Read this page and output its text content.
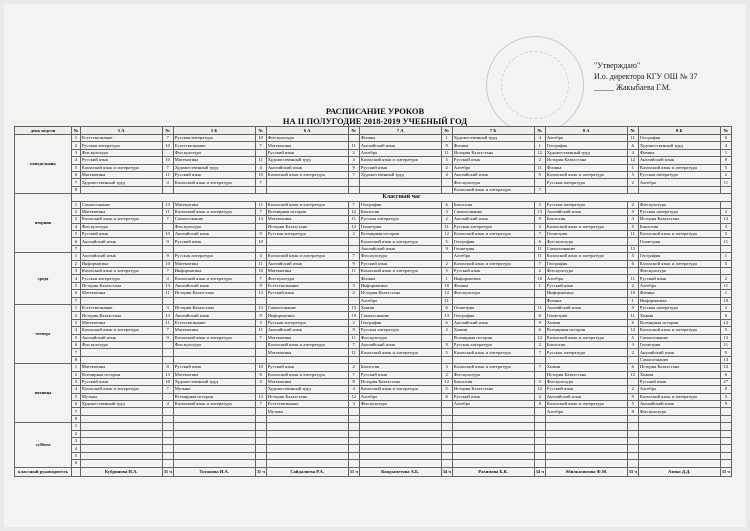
"Утверждаю"
И.о. директора КГУ ОШ № 37
_____ Жакыбаева Г.М.
РАСПИСАНИЕ УРОКОВ
НА II ПОЛУГОДИЕ 2018-2019 УЧЕБНЫЙ ГОД
день недели	№	5 А	№	5 Б	№	6 А	№	7 А	№	7 Б	№	8 А	№	8 Б	№
понедельник	1	Естествознание	7	Русская литература	10	Физ.культура		Физика	1	Художественный труд	4	Алгебра	11	География	6
	2	Русская литература	10	Естествознание	7	Математика	11	Английский язык	9	Физика	1	География	6	Художественный труд	4
	3	Физ.культура		Физ.культура		Русский язык	2	Алгебра	11	История Казахстана	12	Художественный труд	4	Физика	1
	4	Русский язык	10	Математика	11	Художественный труд	4	Казахский язык и литература	5	Русский язык	2	История Казахстана	12	Английский язык	9
	5	Казахский язык и литература	7	Художественный труд	4	Английский язык	9	Русский язык	2	Алгебра	11	Физика	1	Казахский язык и литература	5
	6	Математика	11	Русский язык	10	Казахский язык и литература	7	Художественный труд	4	Английский язык	9	Казахский язык и литература	5	Русская литература	2
	7	Художественный труд	4	Казахский язык и литература	7					Физ.культура		Русская литература	2	Алгебра	11
	8									Казахский язык и литература	7				
вторник	Классный час														
	1	Самопознание	13	Математика	11	Казахский язык и литература	7	География	6	Биология	3	Русская литература	2	Физ.культура	
	2	Математика	11	Казахский язык и литература	7	Всемирная история	12	Биология	3	Самопознание	13	Английский язык	9	Русская литература	2
	3	Казахский язык и литература	7	Самопознание	13	Математика	11	Русская литература	2	Английский язык	9	Биология	3	История Казахстана	12
	4	Физ.культура		Физ.культура		История Казахстана	12	Геометрия	11	Русская литература	2	Казахский язык и литература	5	Биология	3
	5	Русский язык	10	Английский язык	9	Русская литература	2	Всемирная история	12	Казахский язык и литература	7	Геометрия	11	Казахский язык и литература	5
	6	Английский язык	9	Русский язык	10			Казахский язык и литература	5	География	6	Физ.культура		Геометрия	11
	7							Английский язык	9	Геометрия	11	Самопознание	13		
среда	1	Английский язык	9	Русская литература	4	Казахский язык и литература	7	Физ.культура		Алгебра	11	Казахский язык и литература	5	География	1
	2	Информатика	10	Математика	11	Английский язык	9	Русский язык	2	Казахский язык и литература	7	География	6	Казахский язык и литература	5
	3	Казахский язык и литература	7	Информатика	10	Математика	11	Казахский язык и литература	5	Русский язык	2	Физ.культура		Физ.культура	
	4	Русская литература	4	Казахский язык и литература	7	Физ.культура		Физика	1	Информатика	10	Алгебра	11	Русский язык	2
	5	История Казахстана	13	Английский язык	9	Естествознание	3	Информатика	10	Физика	1	Русский язык	2	Алгебра	11
	6	Математика	11	История Казахстана	13	Русский язык	2	История Казахстана	12	Физ.культура		Информатика	10	Физика	1
	7							Алгебра	11			Физика	1	Информатика	10
четверг	1	Естествознание	3	История Казахстана	13	Самопознание	13	Химия	6	Геометрия	11	Английский язык	9	Русская литература	2
	2	История Казахстана	13	Английский язык	9	Информатика	10	Самопознание	13	География	6	Геометрия	11	Химия	6
	3	Математика	11	Естествознание	3	Русская литература	2	География	6	Английский язык	9	Химия	6	Всемирная история	12
	4	Казахский язык и литература	7	Математика	11	Английский язык	9	Русская литература	2	Химия	6	Всемирная история	12	Казахский язык и литература	5
	5	Английский язык	9	Казахский язык и литература	7	Математика	11	Физ.культура		Всемирная история	12	Казахский язык и литература	5	Самопознание	13
	6	Физ.культура		Физ.культура		Казахский язык и литература	7	Английский язык	9	Русская литература	2	Биология	3	Геометрия	11
	7					Математика	11	Казахский язык и литература	5	Казахский язык и литература	7	Русская литература	2	Английский язык	9
	8													Самопознание	13
пятница	1	Математика	8	Русский язык	10	Русский язык	2	Биология	3	Казахский язык и литература	7	Химия	6	История Казахстана	12
	2	Всемирная история	13	Математика	8	Казахский язык и литература	7	Русский язык	2	Физ.культура		История Казахстана	12	Химия	6
	3	Русский язык	10	Художественный труд	4	Математика	8	История Казахстана	12	Биология	3	Физ.культура		Русский язык	2*
	4	Казахский язык и литература	7	Музыка		Художественный труд	4	Казахский язык и литература	5	История Казахстана	12	Русский язык	2	Алгебра	8
	5	Музыка		Всемирная история	13	История Казахстана	12	Алгебра	8	Русский язык	2	Английский язык	9	Казахский язык и литература	5
	6	Художественный труд	4	Казахский язык и литература	7	Естествознание	3	Физ.культура		Алгебра	8	Казахский язык и литература	5	Английский язык	9
	7					Музыка						Алгебра	8	Физ.культура	
	8														
суббота	1														
	2														
	3														
	4														
	5														
	6														
классный руководитель		Кубринова И.А.	31 ч	Тоганова И.А.	31 ч	Сайдалиева Р.А.	31 ч	Кондыметова А.Б.	34 ч	Рахимова Б.К.	34 ч	Абилкасимова Ф.М.	35 ч	Азина Д.Д.	35 ч
